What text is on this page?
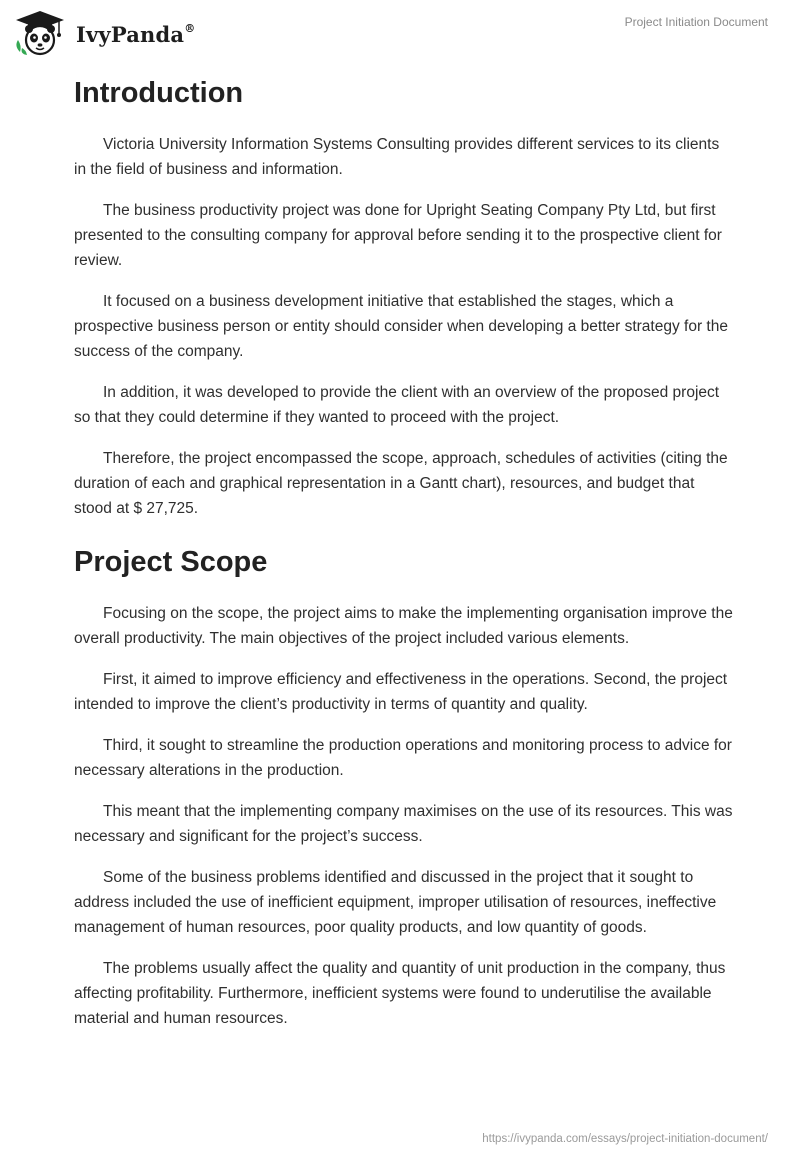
IvyPanda®	Project Initiation Document
Introduction

Victoria University Information Systems Consulting provides different services to its clients in the field of business and information.

The business productivity project was done for Upright Seating Company Pty Ltd, but first presented to the consulting company for approval before sending it to the prospective client for review.

It focused on a business development initiative that established the stages, which a prospective business person or entity should consider when developing a better strategy for the success of the company.

In addition, it was developed to provide the client with an overview of the proposed project so that they could determine if they wanted to proceed with the project.

Therefore, the project encompassed the scope, approach, schedules of activities (citing the duration of each and graphical representation in a Gantt chart), resources, and budget that stood at $ 27,725.

Project Scope

Focusing on the scope, the project aims to make the implementing organisation improve the overall productivity. The main objectives of the project included various elements.

First, it aimed to improve efficiency and effectiveness in the operations. Second, the project intended to improve the client’s productivity in terms of quantity and quality.

Third, it sought to streamline the production operations and monitoring process to advice for necessary alterations in the production.

This meant that the implementing company maximises on the use of its resources. This was necessary and significant for the project’s success.

Some of the business problems identified and discussed in the project that it sought to address included the use of inefficient equipment, improper utilisation of resources, ineffective management of human resources, poor quality products, and low quantity of goods.

The problems usually affect the quality and quantity of unit production in the company, thus affecting profitability. Furthermore, inefficient systems were found to underutilise the available material and human resources.

https://ivypanda.com/essays/project-initiation-document/
